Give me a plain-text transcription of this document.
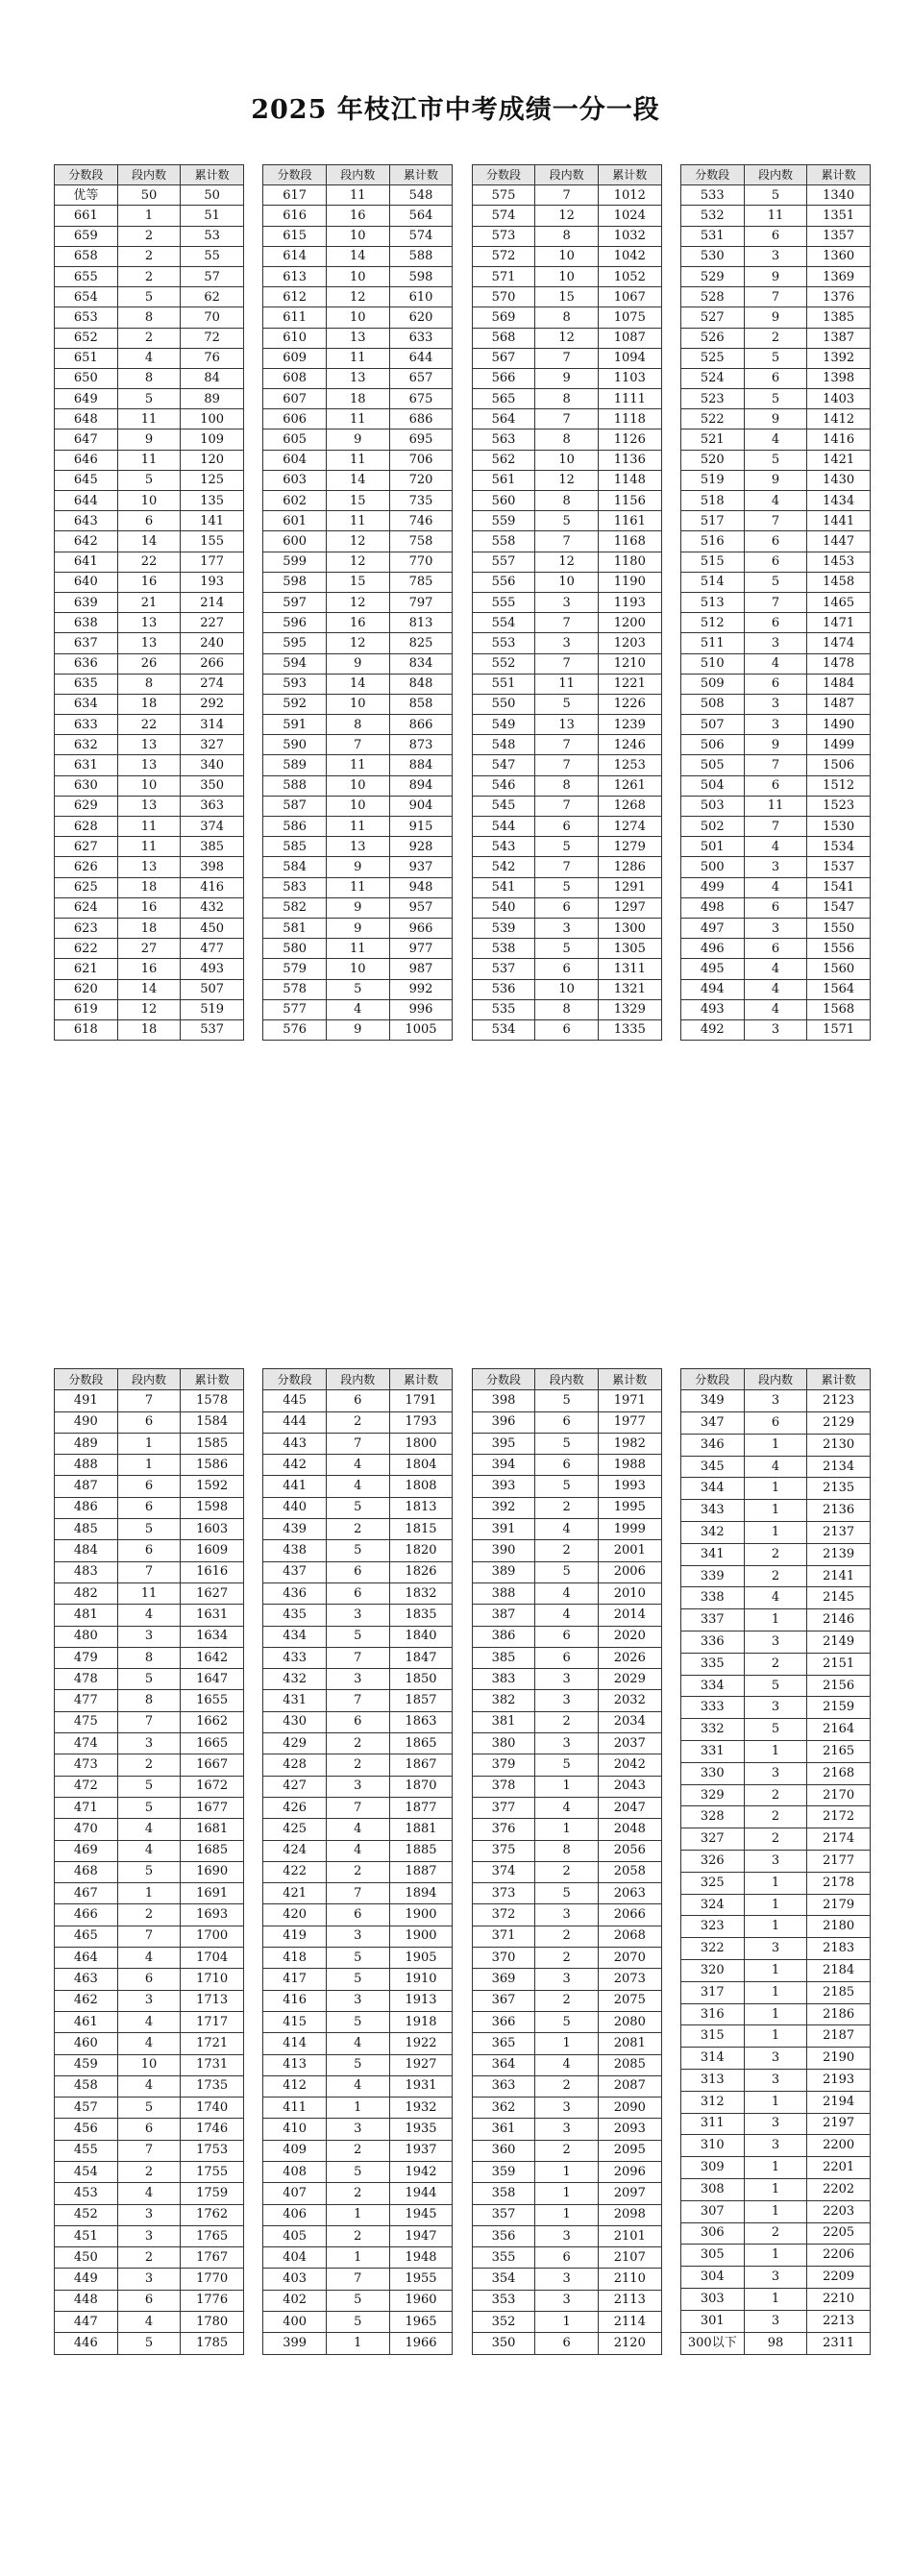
2025 年枝江市中考成绩一分一段
分数段	段内数	累计数
优等	50	50
661	1	51
659	2	53
658	2	55
655	2	57
654	5	62
653	8	70
652	2	72
651	4	76
650	8	84
649	5	89
648	11	100
647	9	109
646	11	120
645	5	125
644	10	135
643	6	141
642	14	155
641	22	177
640	16	193
639	21	214
638	13	227
637	13	240
636	26	266
635	8	274
634	18	292
633	22	314
632	13	327
631	13	340
630	10	350
629	13	363
628	11	374
627	11	385
626	13	398
625	18	416
624	16	432
623	18	450
622	27	477
621	16	493
620	14	507
619	12	519
618	18	537
分数段	段内数	累计数
617	11	548
616	16	564
615	10	574
614	14	588
613	10	598
612	12	610
611	10	620
610	13	633
609	11	644
608	13	657
607	18	675
606	11	686
605	9	695
604	11	706
603	14	720
602	15	735
601	11	746
600	12	758
599	12	770
598	15	785
597	12	797
596	16	813
595	12	825
594	9	834
593	14	848
592	10	858
591	8	866
590	7	873
589	11	884
588	10	894
587	10	904
586	11	915
585	13	928
584	9	937
583	11	948
582	9	957
581	9	966
580	11	977
579	10	987
578	5	992
577	4	996
576	9	1005
分数段	段内数	累计数
575	7	1012
574	12	1024
573	8	1032
572	10	1042
571	10	1052
570	15	1067
569	8	1075
568	12	1087
567	7	1094
566	9	1103
565	8	1111
564	7	1118
563	8	1126
562	10	1136
561	12	1148
560	8	1156
559	5	1161
558	7	1168
557	12	1180
556	10	1190
555	3	1193
554	7	1200
553	3	1203
552	7	1210
551	11	1221
550	5	1226
549	13	1239
548	7	1246
547	7	1253
546	8	1261
545	7	1268
544	6	1274
543	5	1279
542	7	1286
541	5	1291
540	6	1297
539	3	1300
538	5	1305
537	6	1311
536	10	1321
535	8	1329
534	6	1335
分数段	段内数	累计数
533	5	1340
532	11	1351
531	6	1357
530	3	1360
529	9	1369
528	7	1376
527	9	1385
526	2	1387
525	5	1392
524	6	1398
523	5	1403
522	9	1412
521	4	1416
520	5	1421
519	9	1430
518	4	1434
517	7	1441
516	6	1447
515	6	1453
514	5	1458
513	7	1465
512	6	1471
511	3	1474
510	4	1478
509	6	1484
508	3	1487
507	3	1490
506	9	1499
505	7	1506
504	6	1512
503	11	1523
502	7	1530
501	4	1534
500	3	1537
499	4	1541
498	6	1547
497	3	1550
496	6	1556
495	4	1560
494	4	1564
493	4	1568
492	3	1571
分数段	段内数	累计数
491	7	1578
490	6	1584
489	1	1585
488	1	1586
487	6	1592
486	6	1598
485	5	1603
484	6	1609
483	7	1616
482	11	1627
481	4	1631
480	3	1634
479	8	1642
478	5	1647
477	8	1655
475	7	1662
474	3	1665
473	2	1667
472	5	1672
471	5	1677
470	4	1681
469	4	1685
468	5	1690
467	1	1691
466	2	1693
465	7	1700
464	4	1704
463	6	1710
462	3	1713
461	4	1717
460	4	1721
459	10	1731
458	4	1735
457	5	1740
456	6	1746
455	7	1753
454	2	1755
453	4	1759
452	3	1762
451	3	1765
450	2	1767
449	3	1770
448	6	1776
447	4	1780
446	5	1785
分数段	段内数	累计数
445	6	1791
444	2	1793
443	7	1800
442	4	1804
441	4	1808
440	5	1813
439	2	1815
438	5	1820
437	6	1826
436	6	1832
435	3	1835
434	5	1840
433	7	1847
432	3	1850
431	7	1857
430	6	1863
429	2	1865
428	2	1867
427	3	1870
426	7	1877
425	4	1881
424	4	1885
422	2	1887
421	7	1894
420	6	1900
419	3	1900
418	5	1905
417	5	1910
416	3	1913
415	5	1918
414	4	1922
413	5	1927
412	4	1931
411	1	1932
410	3	1935
409	2	1937
408	5	1942
407	2	1944
406	1	1945
405	2	1947
404	1	1948
403	7	1955
402	5	1960
400	5	1965
399	1	1966
分数段	段内数	累计数
398	5	1971
396	6	1977
395	5	1982
394	6	1988
393	5	1993
392	2	1995
391	4	1999
390	2	2001
389	5	2006
388	4	2010
387	4	2014
386	6	2020
385	6	2026
383	3	2029
382	3	2032
381	2	2034
380	3	2037
379	5	2042
378	1	2043
377	4	2047
376	1	2048
375	8	2056
374	2	2058
373	5	2063
372	3	2066
371	2	2068
370	2	2070
369	3	2073
367	2	2075
366	5	2080
365	1	2081
364	4	2085
363	2	2087
362	3	2090
361	3	2093
360	2	2095
359	1	2096
358	1	2097
357	1	2098
356	3	2101
355	6	2107
354	3	2110
353	3	2113
352	1	2114
350	6	2120
分数段	段内数	累计数
349	3	2123
347	6	2129
346	1	2130
345	4	2134
344	1	2135
343	1	2136
342	1	2137
341	2	2139
339	2	2141
338	4	2145
337	1	2146
336	3	2149
335	2	2151
334	5	2156
333	3	2159
332	5	2164
331	1	2165
330	3	2168
329	2	2170
328	2	2172
327	2	2174
326	3	2177
325	1	2178
324	1	2179
323	1	2180
322	3	2183
320	1	2184
317	1	2185
316	1	2186
315	1	2187
314	3	2190
313	3	2193
312	1	2194
311	3	2197
310	3	2200
309	1	2201
308	1	2202
307	1	2203
306	2	2205
305	1	2206
304	3	2209
303	1	2210
301	3	2213
300以下	98	2311
